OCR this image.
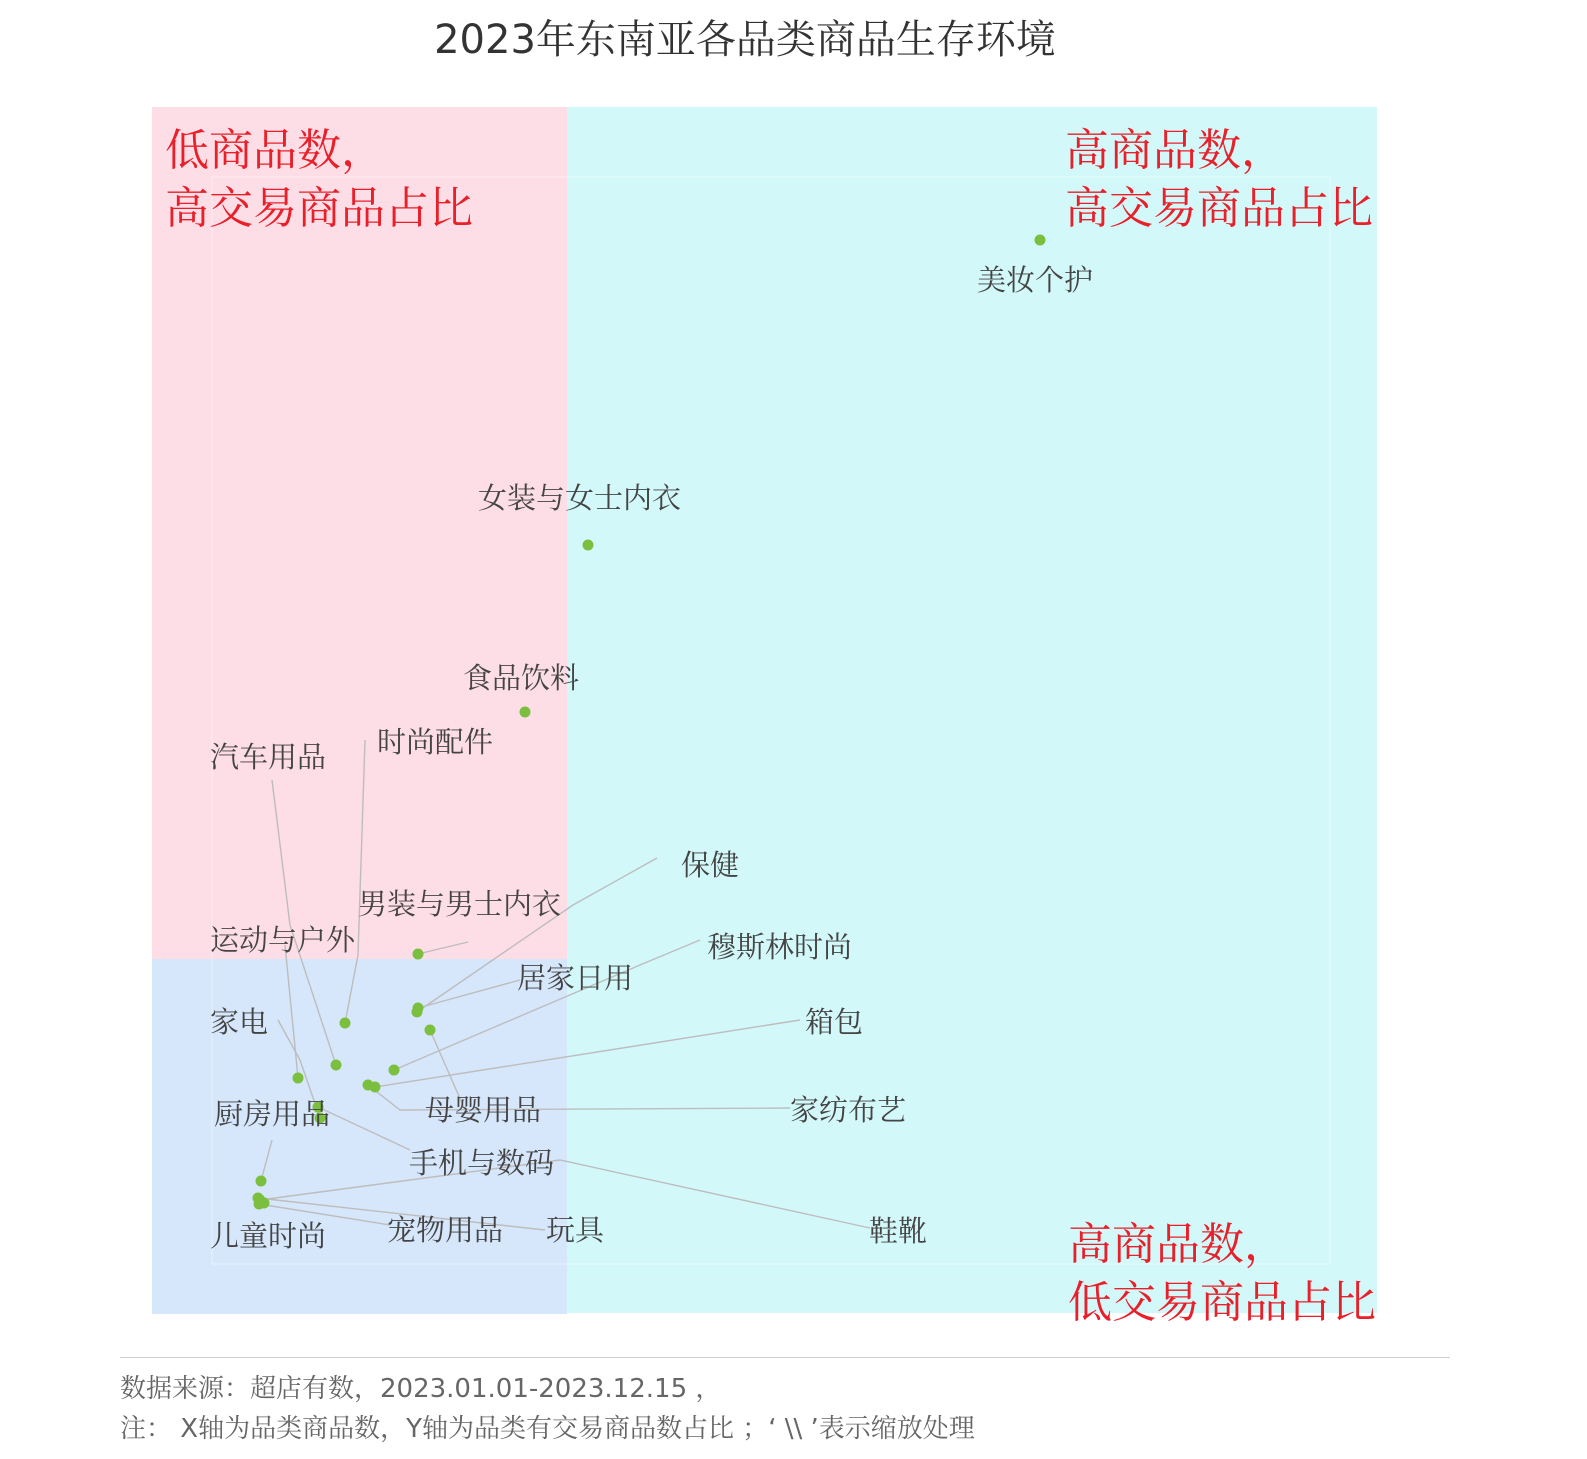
2023年东南亚各品类商品生存环境
美妆个护
女装与女士内衣
食品饮料
时尚配件
汽车用品
男装与男士内衣
保健
运动与户外
居家日用
穆斯林时尚
家电	箱包
母婴用品	家纺布艺
厨房用品
手机与数码
鞋靴
儿童时尚 宠物用品 玩具
低商品数，
高交易商品占比
高商品数，
高交易商品占比
高商品数，
低交易商品占比
数据来源：超店有数，2023.01.01-2023.12.15 ，
注： X轴为品类商品数，Y轴为品类有交易商品数占比 ；‘ \\ ’表示缩放处理
